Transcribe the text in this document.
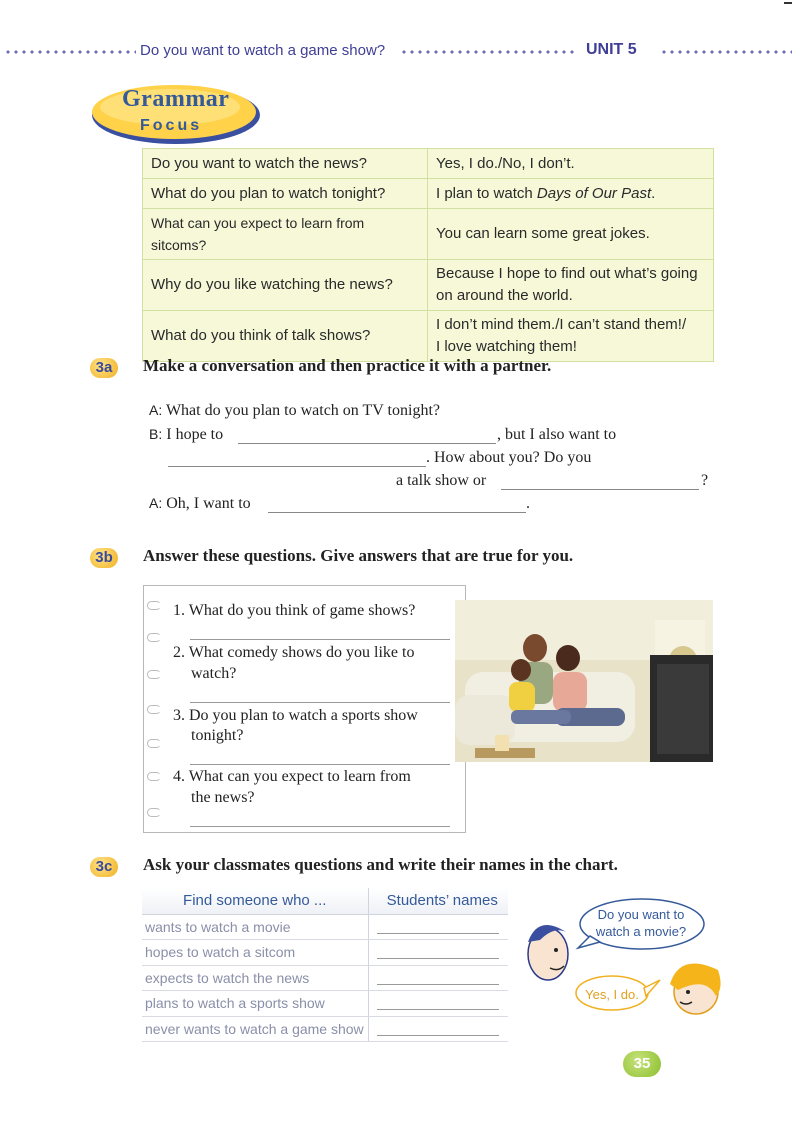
Do you want to watch a game show?	UNIT 5
Grammar
Focus
Do you want to watch the news?	Yes, I do./No, I don’t.
What do you plan to watch tonight?	I plan to watch Days of Our Past.
What can you expect to learn from sitcoms?	You can learn some great jokes.
Why do you like watching the news?	Because I hope to find out what’s going
on around the world.

What do you think of talk shows?	I don’t mind them./I can’t stand them!/
I love watching them!
3a	Make a conversation and then practice it with a partner.
A: What do you plan to watch on TV tonight?
B: I hope to	, but I also want to
. How about you? Do you
a talk show or	?
A: Oh, I want to	.
3b	Answer these questions. Give answers that are true for you.
1. What do you think of game shows?
2. What comedy shows do you like to
watch?
3. Do you plan to watch a sports show
tonight?
4. What can you expect to learn from
the news?
3c	Ask your classmates questions and write their names in the chart.
Find someone who ...	Students’ names
wants to watch a movie	

hopes to watch a sitcom	

expects to watch the news	

plans to watch a sports show	

never wants to watch a game show	
Do you want to
watch a movie?
Yes, I do.
35
